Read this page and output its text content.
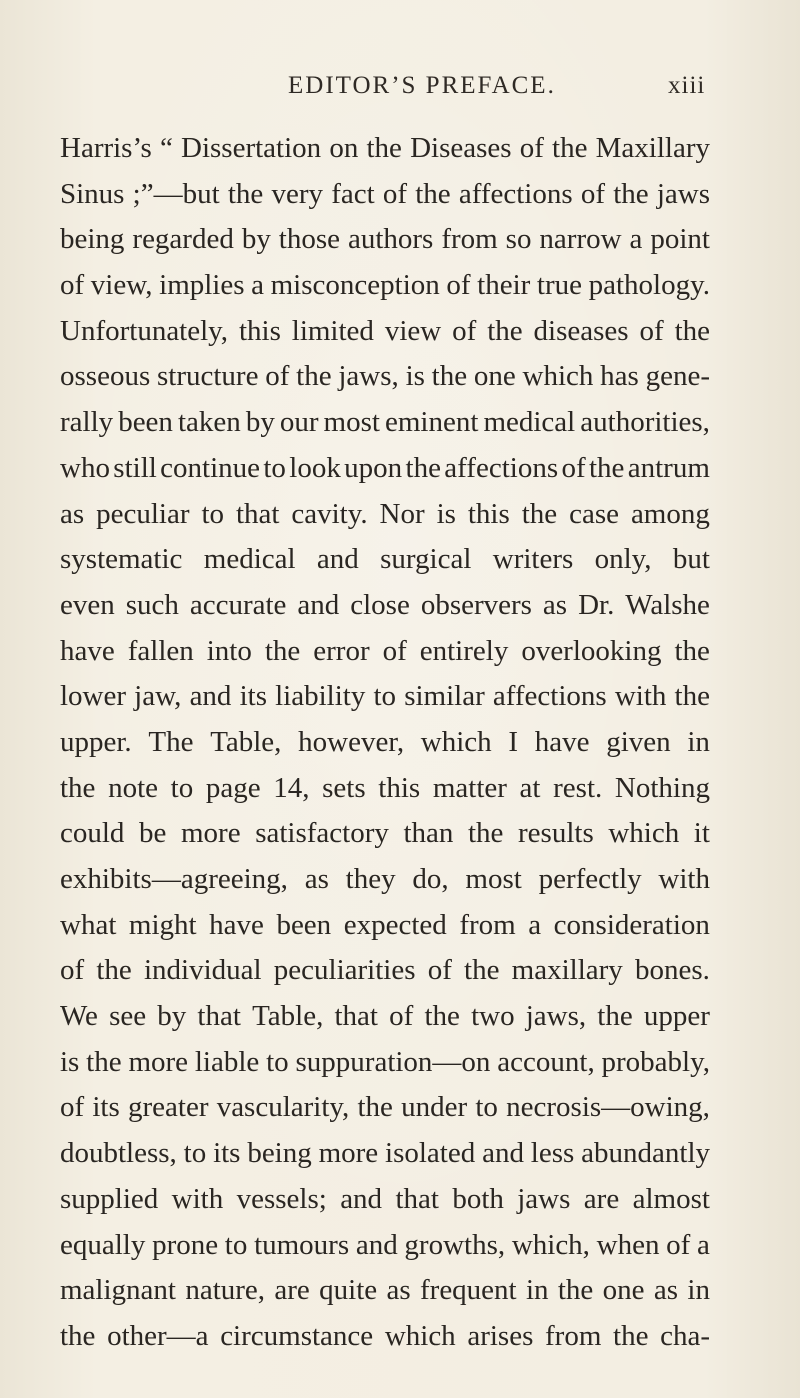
EDITOR’S PREFACE.	xiii
Harris’s “ Dissertation on the Diseases of the Maxillary
Sinus ;”—but the very fact of the affections of the jaws
being regarded by those authors from so narrow a point
of view, implies a misconception of their true pathology.
Unfortunately, this limited view of the diseases of the
osseous structure of the jaws, is the one which has gene-
rally been taken by our most eminent medical authorities,
who still continue to look upon the affections of the antrum
as peculiar to that cavity. Nor is this the case among
systematic medical and surgical writers only, but
even such accurate and close observers as Dr. Walshe
have fallen into the error of entirely overlooking the
lower jaw, and its liability to similar affections with the
upper. The Table, however, which I have given in
the note to page 14, sets this matter at rest. Nothing
could be more satisfactory than the results which it
exhibits—agreeing, as they do, most perfectly with
what might have been expected from a consideration
of the individual peculiarities of the maxillary bones.
We see by that Table, that of the two jaws, the upper
is the more liable to suppuration—on account, probably,
of its greater vascularity, the under to necrosis—owing,
doubtless, to its being more isolated and less abundantly
supplied with vessels; and that both jaws are almost
equally prone to tumours and growths, which, when of a
malignant nature, are quite as frequent in the one as in
the other—a circumstance which arises from the cha-
